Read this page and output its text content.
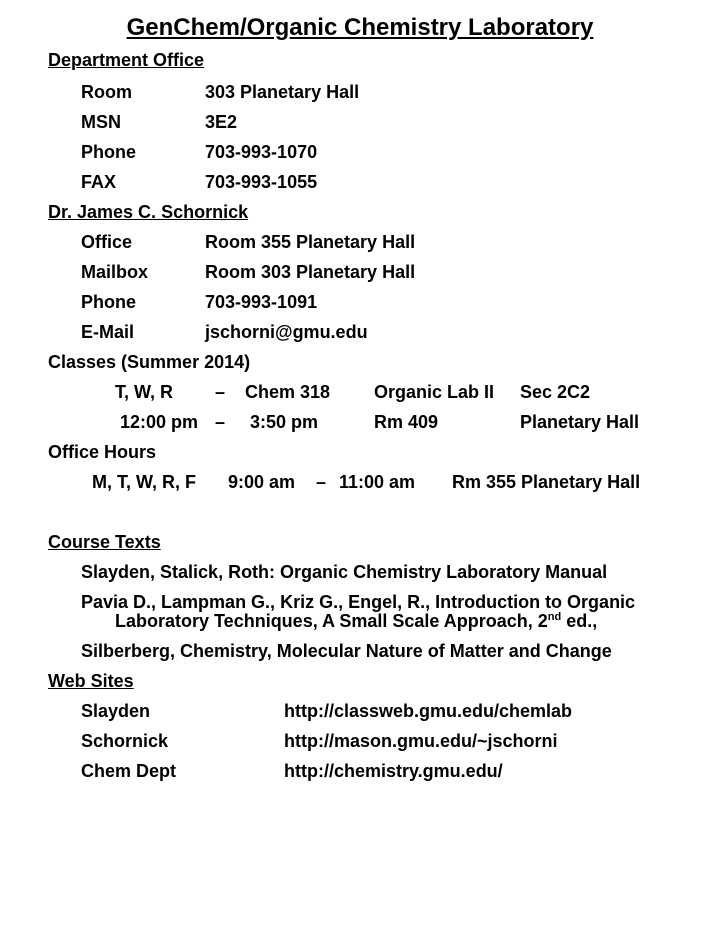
GenChem/Organic Chemistry Laboratory
Department Office
Room	303 Planetary Hall
MSN	3E2
Phone	703-993-1070
FAX	703-993-1055
Dr. James C. Schornick
Office	Room 355 Planetary Hall
Mailbox	Room 303 Planetary Hall
Phone	703-993-1091
E-Mail	jschorni@gmu.edu
Classes (Summer 2014)
T, W, R – Chem 318 Organic Lab II Sec 2C2
12:00 pm – 3:50 pm	Rm 409	Planetary Hall
Office Hours
M, T, W, R, F 9:00 am – 11:00 am Rm 355 Planetary Hall
Course Texts
Slayden, Stalick, Roth: Organic Chemistry Laboratory Manual
Pavia D., Lampman G., Kriz G., Engel, R., Introduction to Organic
Laboratory Techniques, A Small Scale Approach, 2nd ed.,
Silberberg, Chemistry, Molecular Nature of Matter and Change
Web Sites
Slayden	http://classweb.gmu.edu/chemlab
Schornick	http://mason.gmu.edu/~jschorni
Chem Dept	http://chemistry.gmu.edu/
